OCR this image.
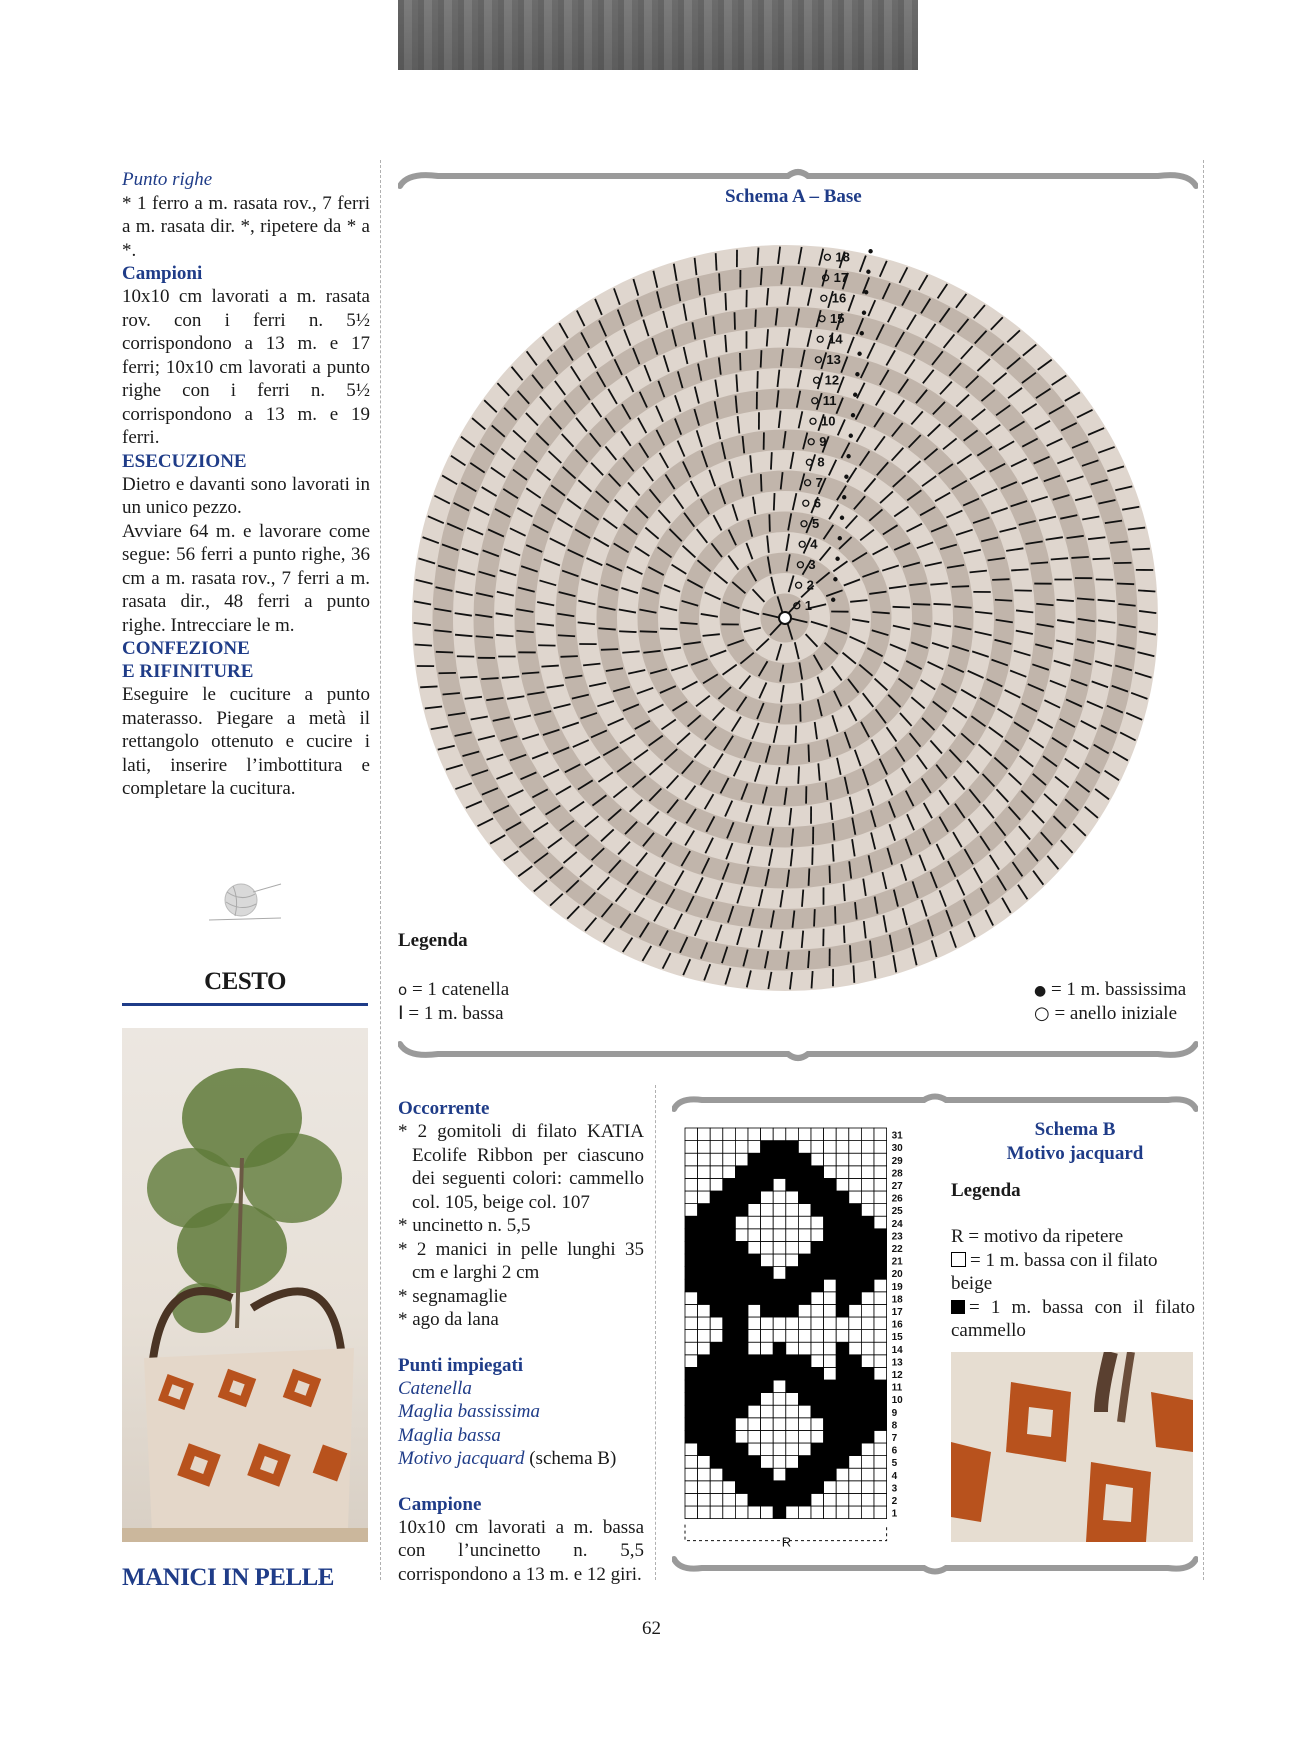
Punto righe

* 1 ferro a m. rasata rov., 7 ferri a m. rasata dir. *, ripetere da * a *.

Campioni

10x10 cm lavorati a m. rasata rov. con i ferri n. 5½ corrispondono a 13 m. e 17 ferri; 10x10 cm lavorati a punto righe con i ferri n. 5½ corrispondono a 13 m. e 19 ferri.

ESECUZIONE

Dietro e davanti sono lavorati in un unico pezzo.

Avviare 64 m. e lavorare come segue: 56 ferri a punto righe, 36 cm a m. rasata rov., 7 ferri a m. rasata dir., 48 ferri a punto righe. Intrecciare le m.

CONFEZIONE

E RIFINITURE

Eseguire le cuciture a punto materasso. Piegare a metà il rettangolo ottenuto e cucire i lati, inserire l’imbottitura e completare la cucitura.

CESTO
MANICI IN PELLE
Schema A – Base
1
2
3
4
5
6
7
8
9
10
11
12
13
14
15
16
17
18
Legenda
o = 1 catenella
I = 1 m. bassa
● = 1 m. bassissima
○ = anello iniziale
Occorrente
* 2 gomitoli di filato KATIA Ecolife Ribbon per ciascuno dei seguenti colori: cammello col. 105, beige col. 107
* uncinetto n. 5,5
* 2 manici in pelle lunghi 35 cm e larghi 2 cm
* segnamaglie
* ago da lana
Punti impiegati
Catenella
Maglia bassissima
Maglia bassa
Motivo jacquard (schema B)
Campione
10x10 cm lavorati a m. bassa con l’uncinetto n. 5,5 corrispondono a 13 m. e 12 giri.
1
2
3
4
5
6
7
8
9
10
11
12
13
14
15
16
17
18
19
20
21
22
23
24
25
26
27
28
29
30
31
R
Schema B
Motivo jacquard
Legenda
R = motivo da ripetere
= 1 m. bassa con il filato beige
= 1 m. bassa con il filato cammello
62
